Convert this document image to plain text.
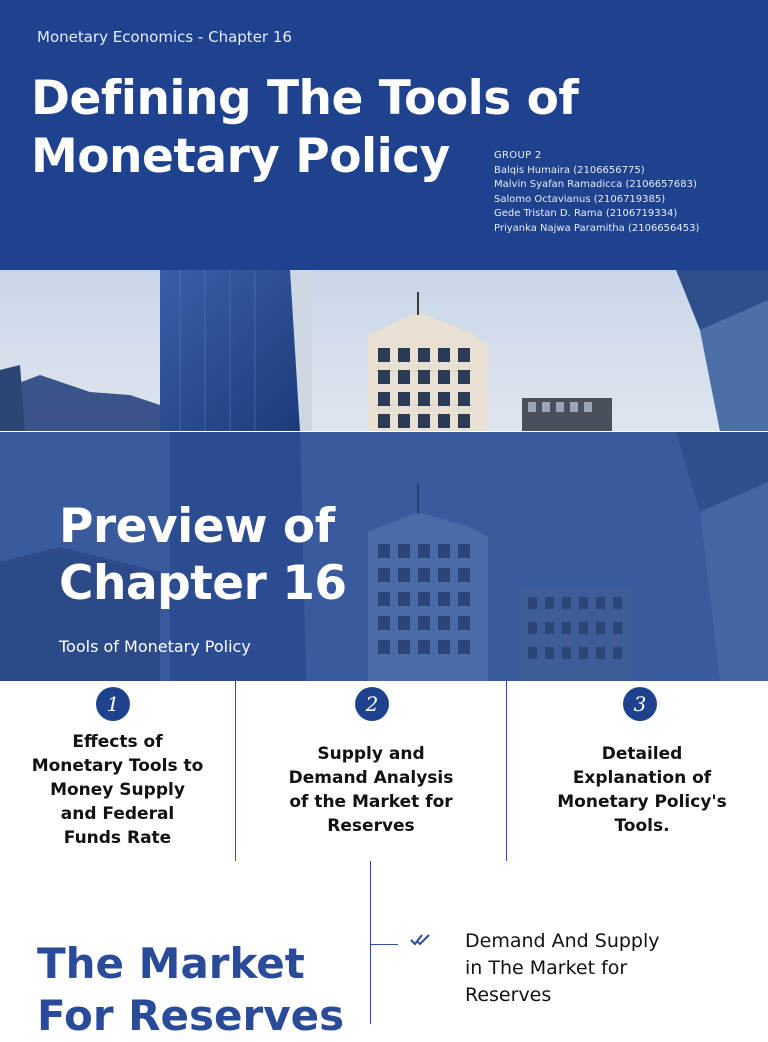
Monetary Economics - Chapter 16
Defining The Tools of
Monetary Policy	GROUP 2
Balqis Humaira (2106656775)
Malvin Syafan Ramadicca (2106657683)
Salomo Octavianus (2106719385)
Gede Tristan D. Rama (2106719334)
Priyanka Najwa Paramitha (2106656453)
Preview of
Chapter 16
Tools of Monetary Policy
1
Effects of
Monetary Tools to
Money Supply
and Federal
Funds Rate
2
Supply and
Demand Analysis
of the Market for
Reserves
3
Detailed
Explanation of
Monetary Policy's
Tools.
The Market
For Reserves
Demand And Supply
in The Market for
Reserves
